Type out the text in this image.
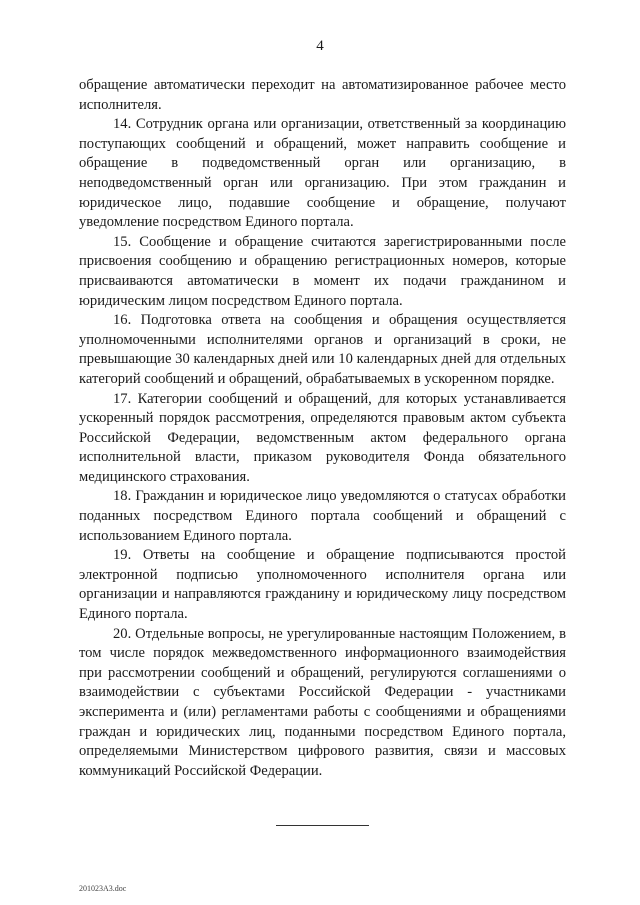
4

обращение автоматически переходит на автоматизированное рабочее место исполнителя.

14. Сотрудник органа или организации, ответственный за координацию поступающих сообщений и обращений, может направить сообщение и обращение в подведомственный орган или организацию, в неподведомственный орган или организацию. При этом гражданин и юридическое лицо, подавшие сообщение и обращение, получают уведомление посредством Единого портала.

15. Сообщение и обращение считаются зарегистрированными после присвоения сообщению и обращению регистрационных номеров, которые присваиваются автоматически в момент их подачи гражданином и юридическим лицом посредством Единого портала.

16. Подготовка ответа на сообщения и обращения осуществляется уполномоченными исполнителями органов и организаций в сроки, не превышающие 30 календарных дней или 10 календарных дней для отдельных категорий сообщений и обращений, обрабатываемых в ускоренном порядке.

17. Категории сообщений и обращений, для которых устанавливается ускоренный порядок рассмотрения, определяются правовым актом субъекта Российской Федерации, ведомственным актом федерального органа исполнительной власти, приказом руководителя Фонда обязательного медицинского страхования.

18. Гражданин и юридическое лицо уведомляются о статусах обработки поданных посредством Единого портала сообщений и обращений с использованием Единого портала.

19. Ответы на сообщение и обращение подписываются простой электронной подписью уполномоченного исполнителя органа или организации и направляются гражданину и юридическому лицу посредством Единого портала.

20. Отдельные вопросы, не урегулированные настоящим Положением, в том числе порядок межведомственного информационного взаимодействия при рассмотрении сообщений и обращений, регулируются соглашениями о взаимодействии с субъектами Российской Федерации - участниками эксперимента и (или) регламентами работы с сообщениями и обращениями граждан и юридических лиц, поданными посредством Единого портала, определяемыми Министерством цифрового развития, связи и массовых коммуникаций Российской Федерации.

201023А3.doc
